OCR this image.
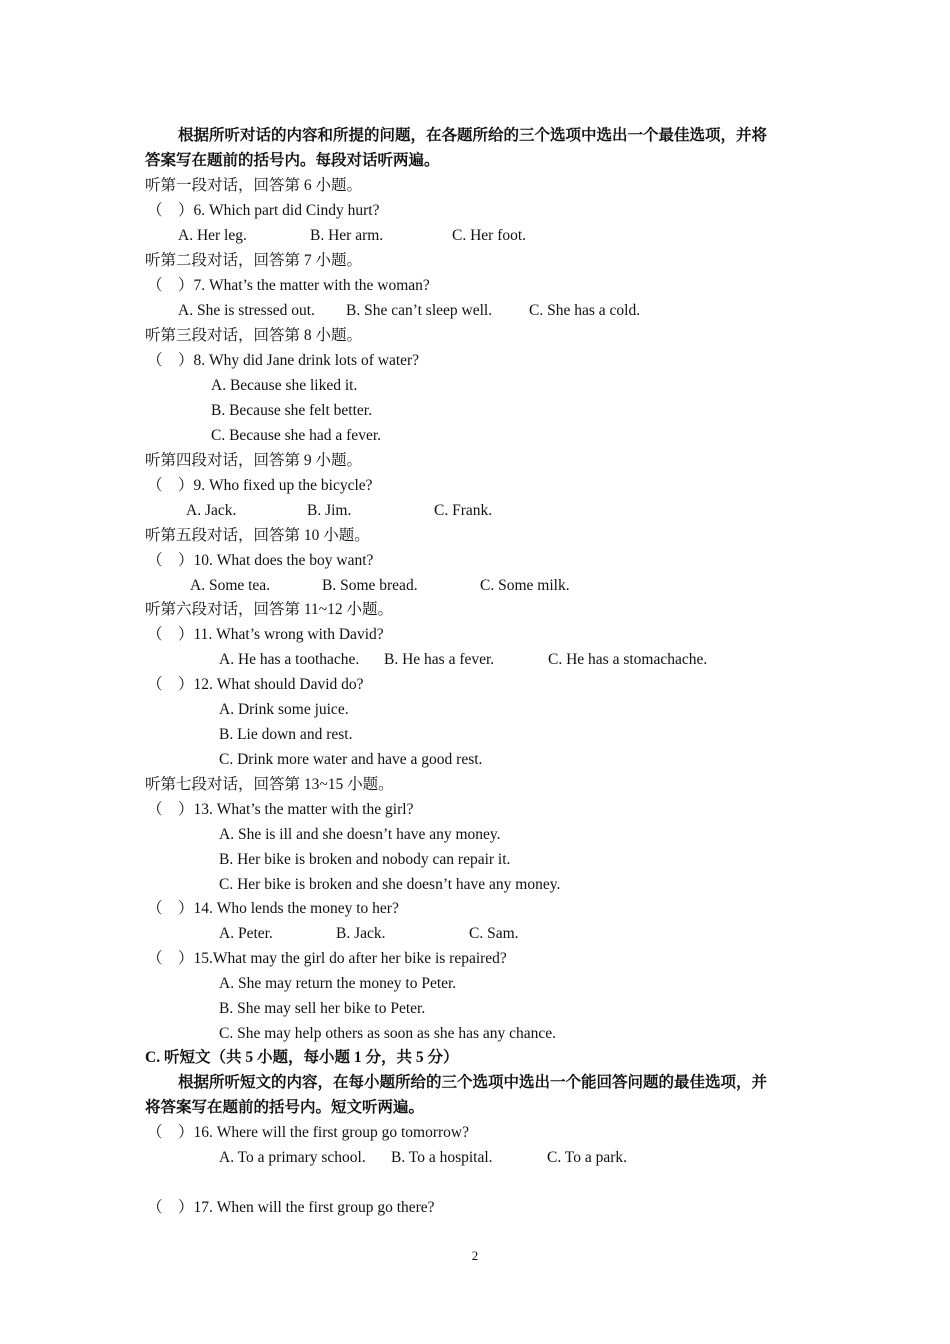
根据所听对话的内容和所提的问题，在各题所给的三个选项中选出一个最佳选项，并将
答案写在题前的括号内。每段对话听两遍。
听第一段对话，回答第 6 小题。
（　）6. Which part did Cindy hurt?
A. Her leg.	B. Her arm.	C. Her foot.
听第二段对话，回答第 7 小题。
（　）7. What’s the matter with the woman?
A. She is stressed out. B. She can’t sleep well. C. She has a cold.
听第三段对话，回答第 8 小题。
（　）8. Why did Jane drink lots of water?
A. Because she liked it.
B. Because she felt better.
C. Because she had a fever.
听第四段对话，回答第 9 小题。
（　）9. Who fixed up the bicycle?
A. Jack.	B. Jim.	C. Frank.
听第五段对话，回答第 10 小题。
（　）10. What does the boy want?
A. Some tea.	B. Some bread.	C. Some milk.
听第六段对话，回答第 11~12 小题。
（　）11. What’s wrong with David?
A. He has a toothache. B. He has a fever.	C. He has a stomachache.
（　）12. What should David do?
A. Drink some juice.
B. Lie down and rest.
C. Drink more water and have a good rest.
听第七段对话，回答第 13~15 小题。
（　）13. What’s the matter with the girl?
A. She is ill and she doesn’t have any money.
B. Her bike is broken and nobody can repair it.
C. Her bike is broken and she doesn’t have any money.
（　）14. Who lends the money to her?
A. Peter.	B. Jack.	C. Sam.
（　）15.What may the girl do after her bike is repaired?
A. She may return the money to Peter.
B. She may sell her bike to Peter.
C. She may help others as soon as she has any chance.
C. 听短文（共 5 小题，每小题 1 分，共 5 分）
根据所听短文的内容，在每小题所给的三个选项中选出一个能回答问题的最佳选项，并
将答案写在题前的括号内。短文听两遍。
（　）16. Where will the first group go tomorrow?
A. To a primary school. B. To a hospital.	C. To a park.
（　）17. When will the first group go there?
2
